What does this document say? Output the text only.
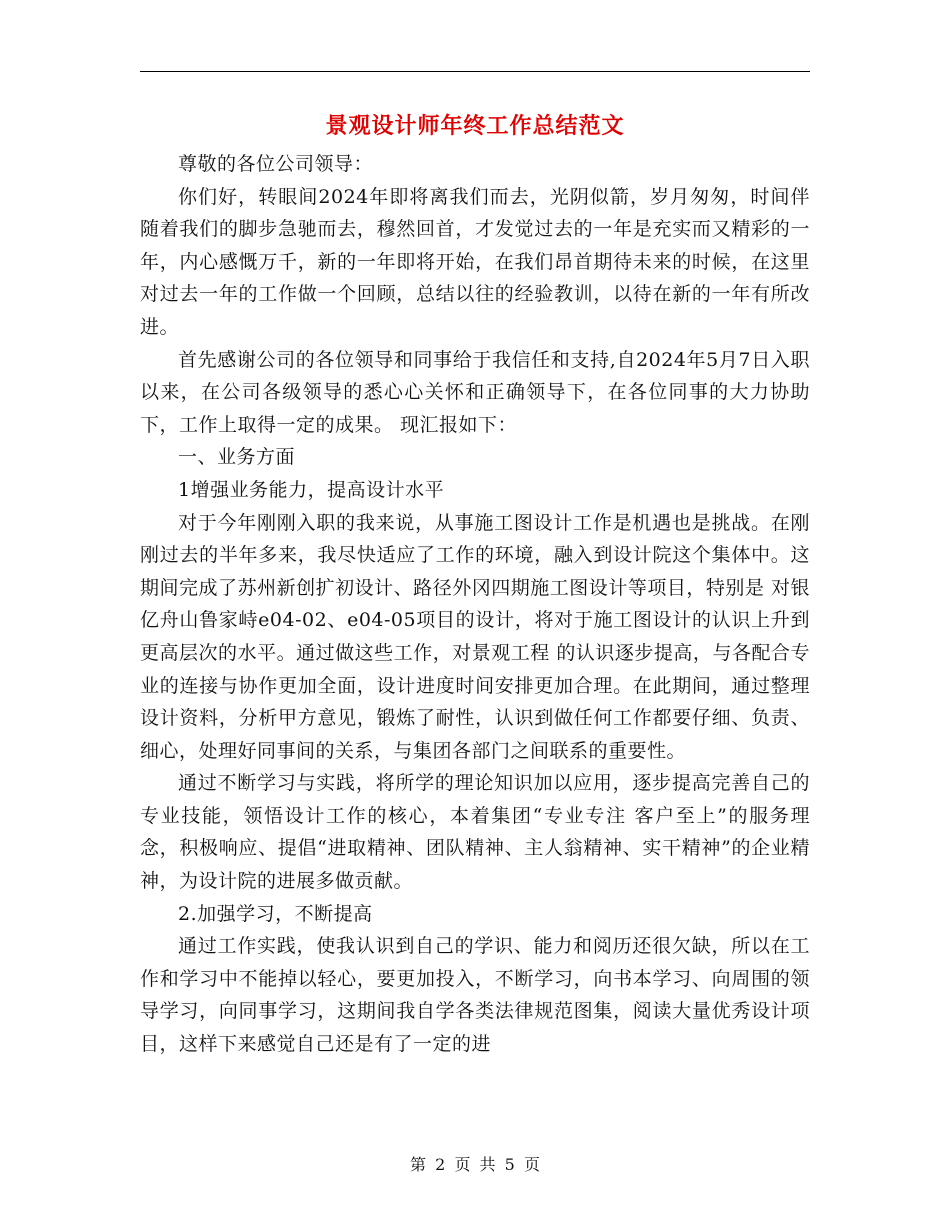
景观设计师年终工作总结范文

尊敬的各位公司领导：

你们好，转眼间2024年即将离我们而去，光阴似箭，岁月匆匆，时间伴随着我们的脚步急驰而去，穆然回首，才发觉过去的一年是充实而又精彩的一年，内心感慨万千，新的一年即将开始，在我们昂首期待未来的时候，在这里对过去一年的工作做一个回顾，总结以往的经验教训，以待在新的一年有所改进。

首先感谢公司的各位领导和同事给于我信任和支持,自2024年5月7日入职以来，在公司各级领导的悉心心关怀和正确领导下，在各位同事的大力协助下，工作上取得一定的成果。 现汇报如下：

一、业务方面

1增强业务能力，提高设计水平

对于今年刚刚入职的我来说，从事施工图设计工作是机遇也是挑战。在刚刚过去的半年多来，我尽快适应了工作的环境，融入到设计院这个集体中。这期间完成了苏州新创扩初设计、路径外冈四期施工图设计等项目，特别是 对银亿舟山鲁家峙e04-02、e04-05项目的设计，将对于施工图设计的认识上升到更高层次的水平。通过做这些工作，对景观工程 的认识逐步提高，与各配合专业的连接与协作更加全面，设计进度时间安排更加合理。在此期间，通过整理设计资料，分析甲方意见，锻炼了耐性，认识到做任何工作都要仔细、负责、细心，处理好同事间的关系，与集团各部门之间联系的重要性。

通过不断学习与实践，将所学的理论知识加以应用，逐步提高完善自己的专业技能，领悟设计工作的核心，本着集团“专业专注 客户至上”的服务理念，积极响应、提倡“进取精神、团队精神、主人翁精神、实干精神”的企业精神，为设计院的进展多做贡献。

2.加强学习，不断提高

通过工作实践，使我认识到自己的学识、能力和阅历还很欠缺，所以在工作和学习中不能掉以轻心，要更加投入，不断学习，向书本学习、向周围的领导学习，向同事学习，这期间我自学各类法律规范图集，阅读大量优秀设计项目，这样下来感觉自己还是有了一定的进

第 2 页 共 5 页
